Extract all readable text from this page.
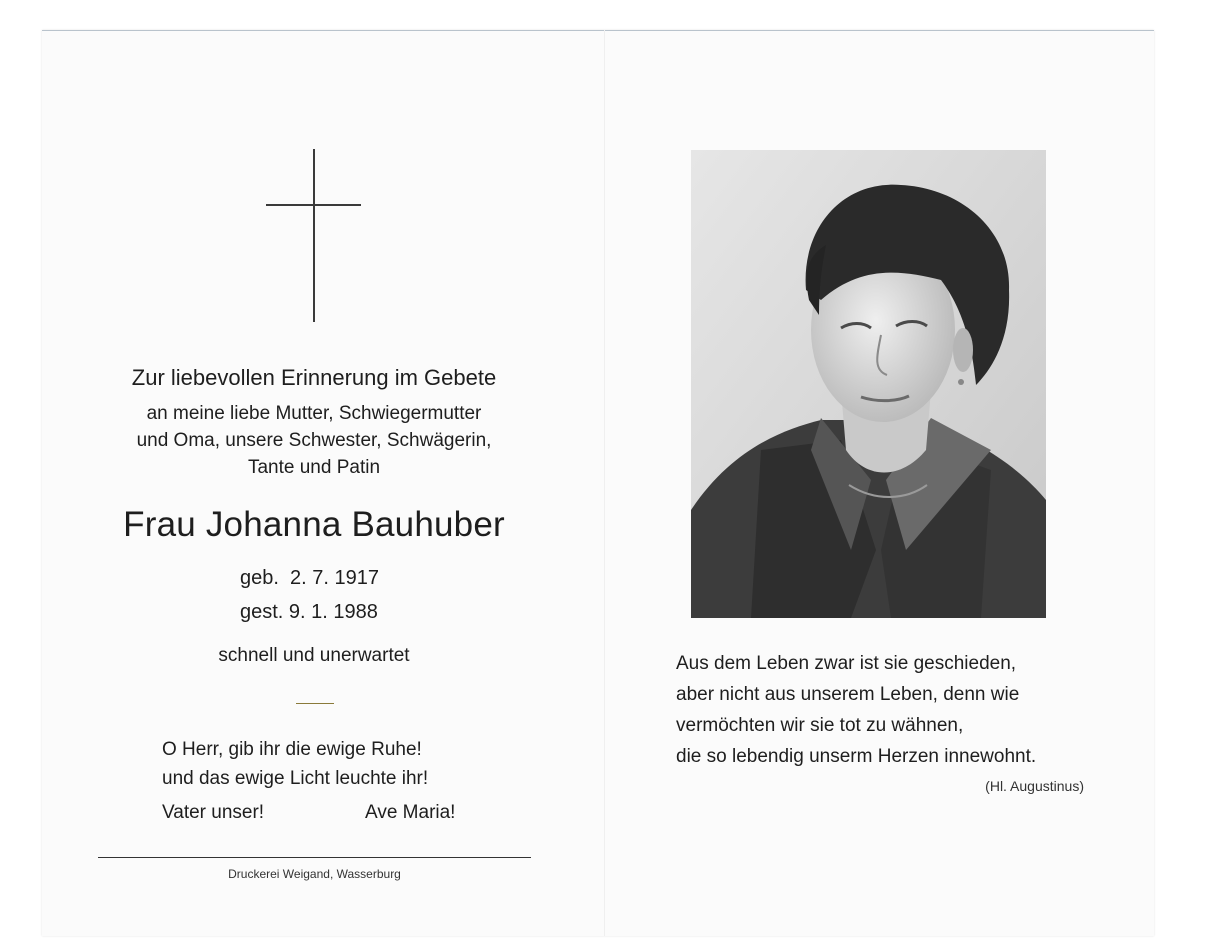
Zur liebevollen Erinnerung im Gebete
an meine liebe Mutter, Schwiegermutter
und Oma, unsere Schwester, Schwägerin,
Tante und Patin
Frau Johanna Bauhuber
geb.  2. 7. 1917
gest. 9. 1. 1988
schnell und unerwartet
O Herr, gib ihr die ewige Ruhe!
und das ewige Licht leuchte ihr!
Vater unser!	Ave Maria!
Druckerei Weigand, Wasserburg
Aus dem Leben zwar ist sie geschieden,
aber nicht aus unserem Leben, denn wie
vermöchten wir sie tot zu wähnen,
die so lebendig unserm Herzen innewohnt.
(Hl. Augustinus)
